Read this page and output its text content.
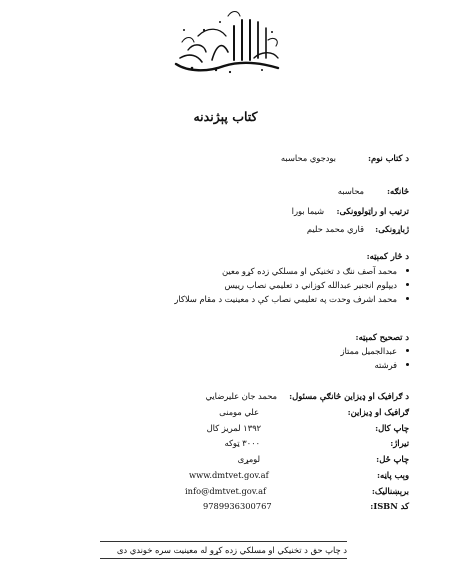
کتاب پېژندنه
د کتاب نوم:
بودجوي محاسبه
څانګه:
محاسبه
ترتیب او راټولوونکی:
شیما بورا
ژباړونکی:
قاري محمد حلیم
د څار کمېټه:
محمد آصف ننګ د تخنیکي او مسلکي زده کړو معین
دیپلوم انجنیر عبدالله کوزاني د تعلیمي نصاب رییس
محمد اشرف وحدت په تعلیمي نصاب کې د معینیت د مقام سلاکار
د تصحیح کمېټه:
عبدالجمیل ممتاز
فرشته
د ګرافیک او ډیزاین څانګې مسئول:
محمد جان علیرضایي
ګرافیک او ډیزاین:
علي مومنی
چاپ کال:
۱۳۹۲ لمریز کال
تیراژ:
۳۰۰۰ ټوکه
چاپ ځل:
لومړی
وېب پاڼه:
www.dmtvet.gov.af
برېښنالیک:
info@dmtvet.gov.af
کد ISBN:
9789936300767
د چاپ حق د تخنیکي او مسلکي زده کړو له معینیت سره خوندي دی
